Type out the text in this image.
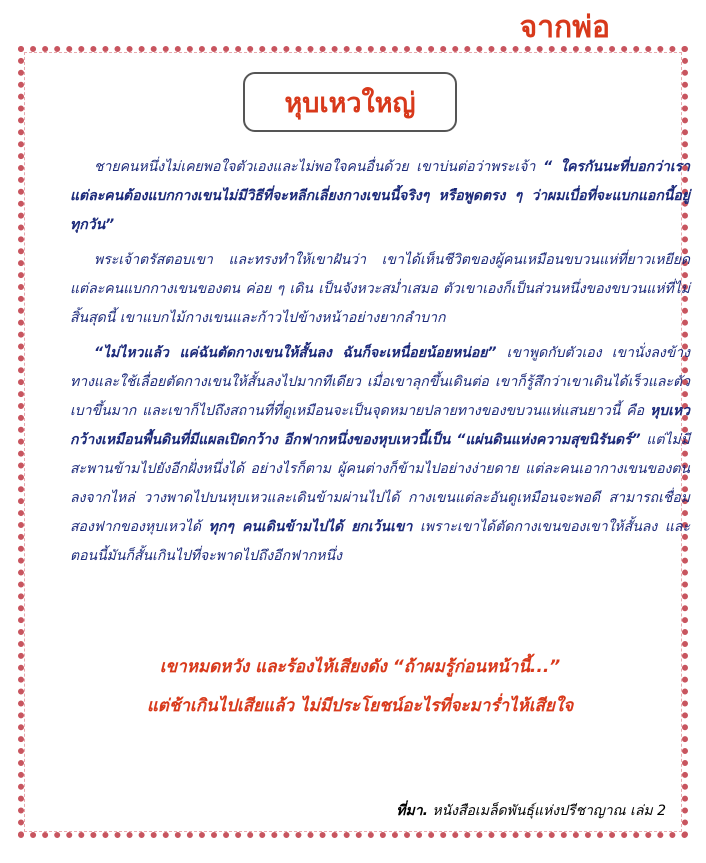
จากพ่อ
หุบเหวใหญ่

ชายคนหนึ่งไม่เคยพอใจตัวเองและไม่พอใจคนอื่นด้วย เขาบ่นต่อว่าพระเจ้า “ ใครกันนะที่บอกว่าเราแต่ละคนต้องแบกกางเขนไม่มีวิธีที่จะหลีกเลี่ยงกางเขนนี้จริงๆ หรือพูดตรง ๆ ว่าผมเบื่อที่จะแบกแอกนี้อยู่ทุกวัน”

พระเจ้าตรัสตอบเขา และทรงทำให้เขาฝันว่า เขาได้เห็นชีวิตของผู้คนเหมือนขบวนแห่ที่ยาวเหยียด แต่ละคนแบกกางเขนของตน ค่อย ๆ เดิน เป็นจังหวะสม่ำเสมอ ตัวเขาเองก็เป็นส่วนหนึ่งของขบวนแห่ที่ไม่สิ้นสุดนี้ เขาแบกไม้กางเขนและก้าวไปข้างหน้าอย่างยากลำบาก

“ไม่ไหวแล้ว แค่ฉันตัดกางเขนให้สั้นลง ฉันก็จะเหนื่อยน้อยหน่อย” เขาพูดกับตัวเอง เขานั่งลงข้างทางและใช้เลื่อยตัดกางเขนให้สั้นลงไปมากทีเดียว เมื่อเขาลุกขึ้นเดินต่อ เขาก็รู้สึกว่าเขาเดินได้เร็วและตัวเบาขึ้นมาก และเขาก็ไปถึงสถานที่ที่ดูเหมือนจะเป็นจุดหมายปลายทางของขบวนแห่แสนยาวนี้ คือ หุบเหวกว้างเหมือนพื้นดินที่มีแผลเปิดกว้าง อีกฟากหนึ่งของหุบเหวนี้เป็น “แผ่นดินแห่งความสุขนิรันดร์” แต่ไม่มีสะพานข้ามไปยังอีกฝั่งหนึ่งได้ อย่างไรก็ตาม ผู้คนต่างก็ข้ามไปอย่างง่ายดาย แต่ละคนเอากางเขนของตนลงจากไหล่ วางพาดไปบนหุบเหวและเดินข้ามผ่านไปได้ กางเขนแต่ละอันดูเหมือนจะพอดี สามารถเชื่อมสองฟากของหุบเหวได้ ทุกๆ คนเดินข้ามไปได้ ยกเว้นเขา เพราะเขาได้ตัดกางเขนของเขาให้สั้นลง และตอนนี้มันก็สั้นเกินไปที่จะพาดไปถึงอีกฟากหนึ่ง

เขาหมดหวัง และร้องไห้เสียงดัง “ถ้าผมรู้ก่อนหน้านี้...”
แต่ช้าเกินไปเสียแล้ว ไม่มีประโยชน์อะไรที่จะมาร่ำไห้เสียใจ
ที่มา. หนังสือเมล็ดพันธุ์แห่งปรีชาญาณ เล่ม 2
